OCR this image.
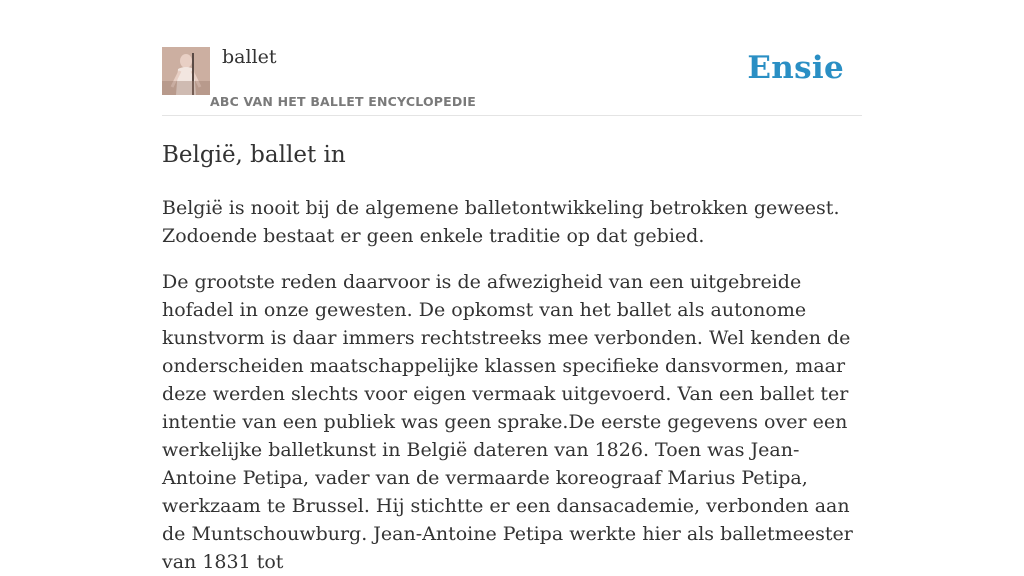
ballet
ABC VAN HET BALLET ENCYCLOPEDIE
Ensie
België, ballet in

België is nooit bij de algemene balletontwikkeling betrokken geweest. Zodoende bestaat er geen enkele traditie op dat gebied.

De grootste reden daarvoor is de afwezigheid van een uitgebreide hofadel in onze gewesten. De opkomst van het ballet als autonome kunstvorm is daar immers rechtstreeks mee verbonden. Wel kenden de onderscheiden maatschappelijke klassen specifieke dansvormen, maar deze werden slechts voor eigen vermaak uitgevoerd. Van een ballet ter intentie van een publiek was geen sprake.De eerste gegevens over een werkelijke balletkunst in België dateren van 1826. Toen was Jean-Antoine Petipa, vader van de vermaarde koreograaf Marius Petipa, werkzaam te Brussel. Hij stichtte er een dansacademie, verbonden aan de Muntschouwburg. Jean-Antoine Petipa werkte hier als balletmeester van 1831 tot
